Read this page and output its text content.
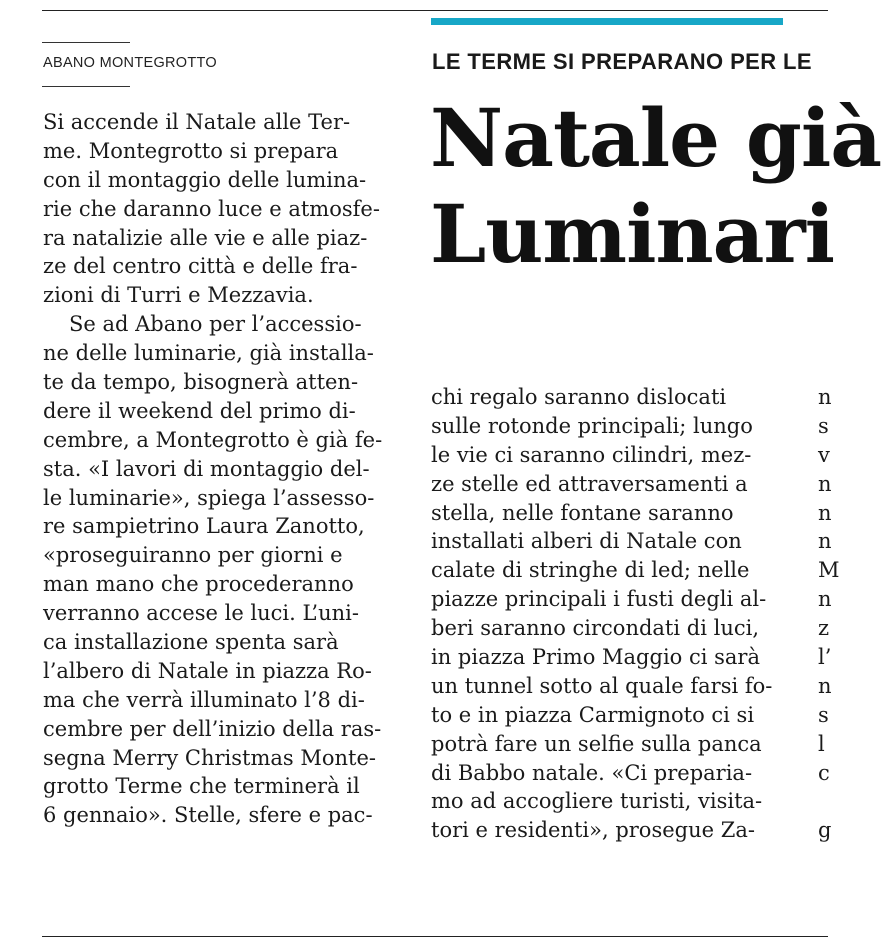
ABANO MONTEGROTTO	LE TERME SI PREPARANO PER LE
Natale già
Luminari
Si accende il Natale alle Ter-
me. Montegrotto si prepara
con il montaggio delle lumina-
rie che daranno luce e atmosfe-
ra natalizie alle vie e alle piaz-
ze del centro città e delle fra-
zioni di Turri e Mezzavia.
Se ad Abano per l’accessio-
ne delle luminarie, già installa-
te da tempo, bisognerà atten-
dere il weekend del primo di-
cembre, a Montegrotto è già fe-
sta. «I lavori di montaggio del-
le luminarie», spiega l’assesso-
re sampietrino Laura Zanotto,
«proseguiranno per giorni e
man mano che procederanno
verranno accese le luci. L’uni-
ca installazione spenta sarà
l’albero di Natale in piazza Ro-
ma che verrà illuminato l’8 di-
cembre per dell’inizio della ras-
segna Merry Christmas Monte-
grotto Terme che terminerà il
6 gennaio». Stelle, sfere e pac-
chi regalo saranno dislocati
sulle rotonde principali; lungo
le vie ci saranno cilindri, mez-
ze stelle ed attraversamenti a
stella, nelle fontane saranno
installati alberi di Natale con
calate di stringhe di led; nelle
piazze principali i fusti degli al-
beri saranno circondati di luci,
in piazza Primo Maggio ci sarà
un tunnel sotto al quale farsi fo-
to e in piazza Carmignoto ci si
potrà fare un selfie sulla panca
di Babbo natale. «Ci preparia-
mo ad accogliere turisti, visita-
tori e residenti», prosegue Za-
n
s
v
n
n
n
M
n
z
l’
n
s
l
c
g
